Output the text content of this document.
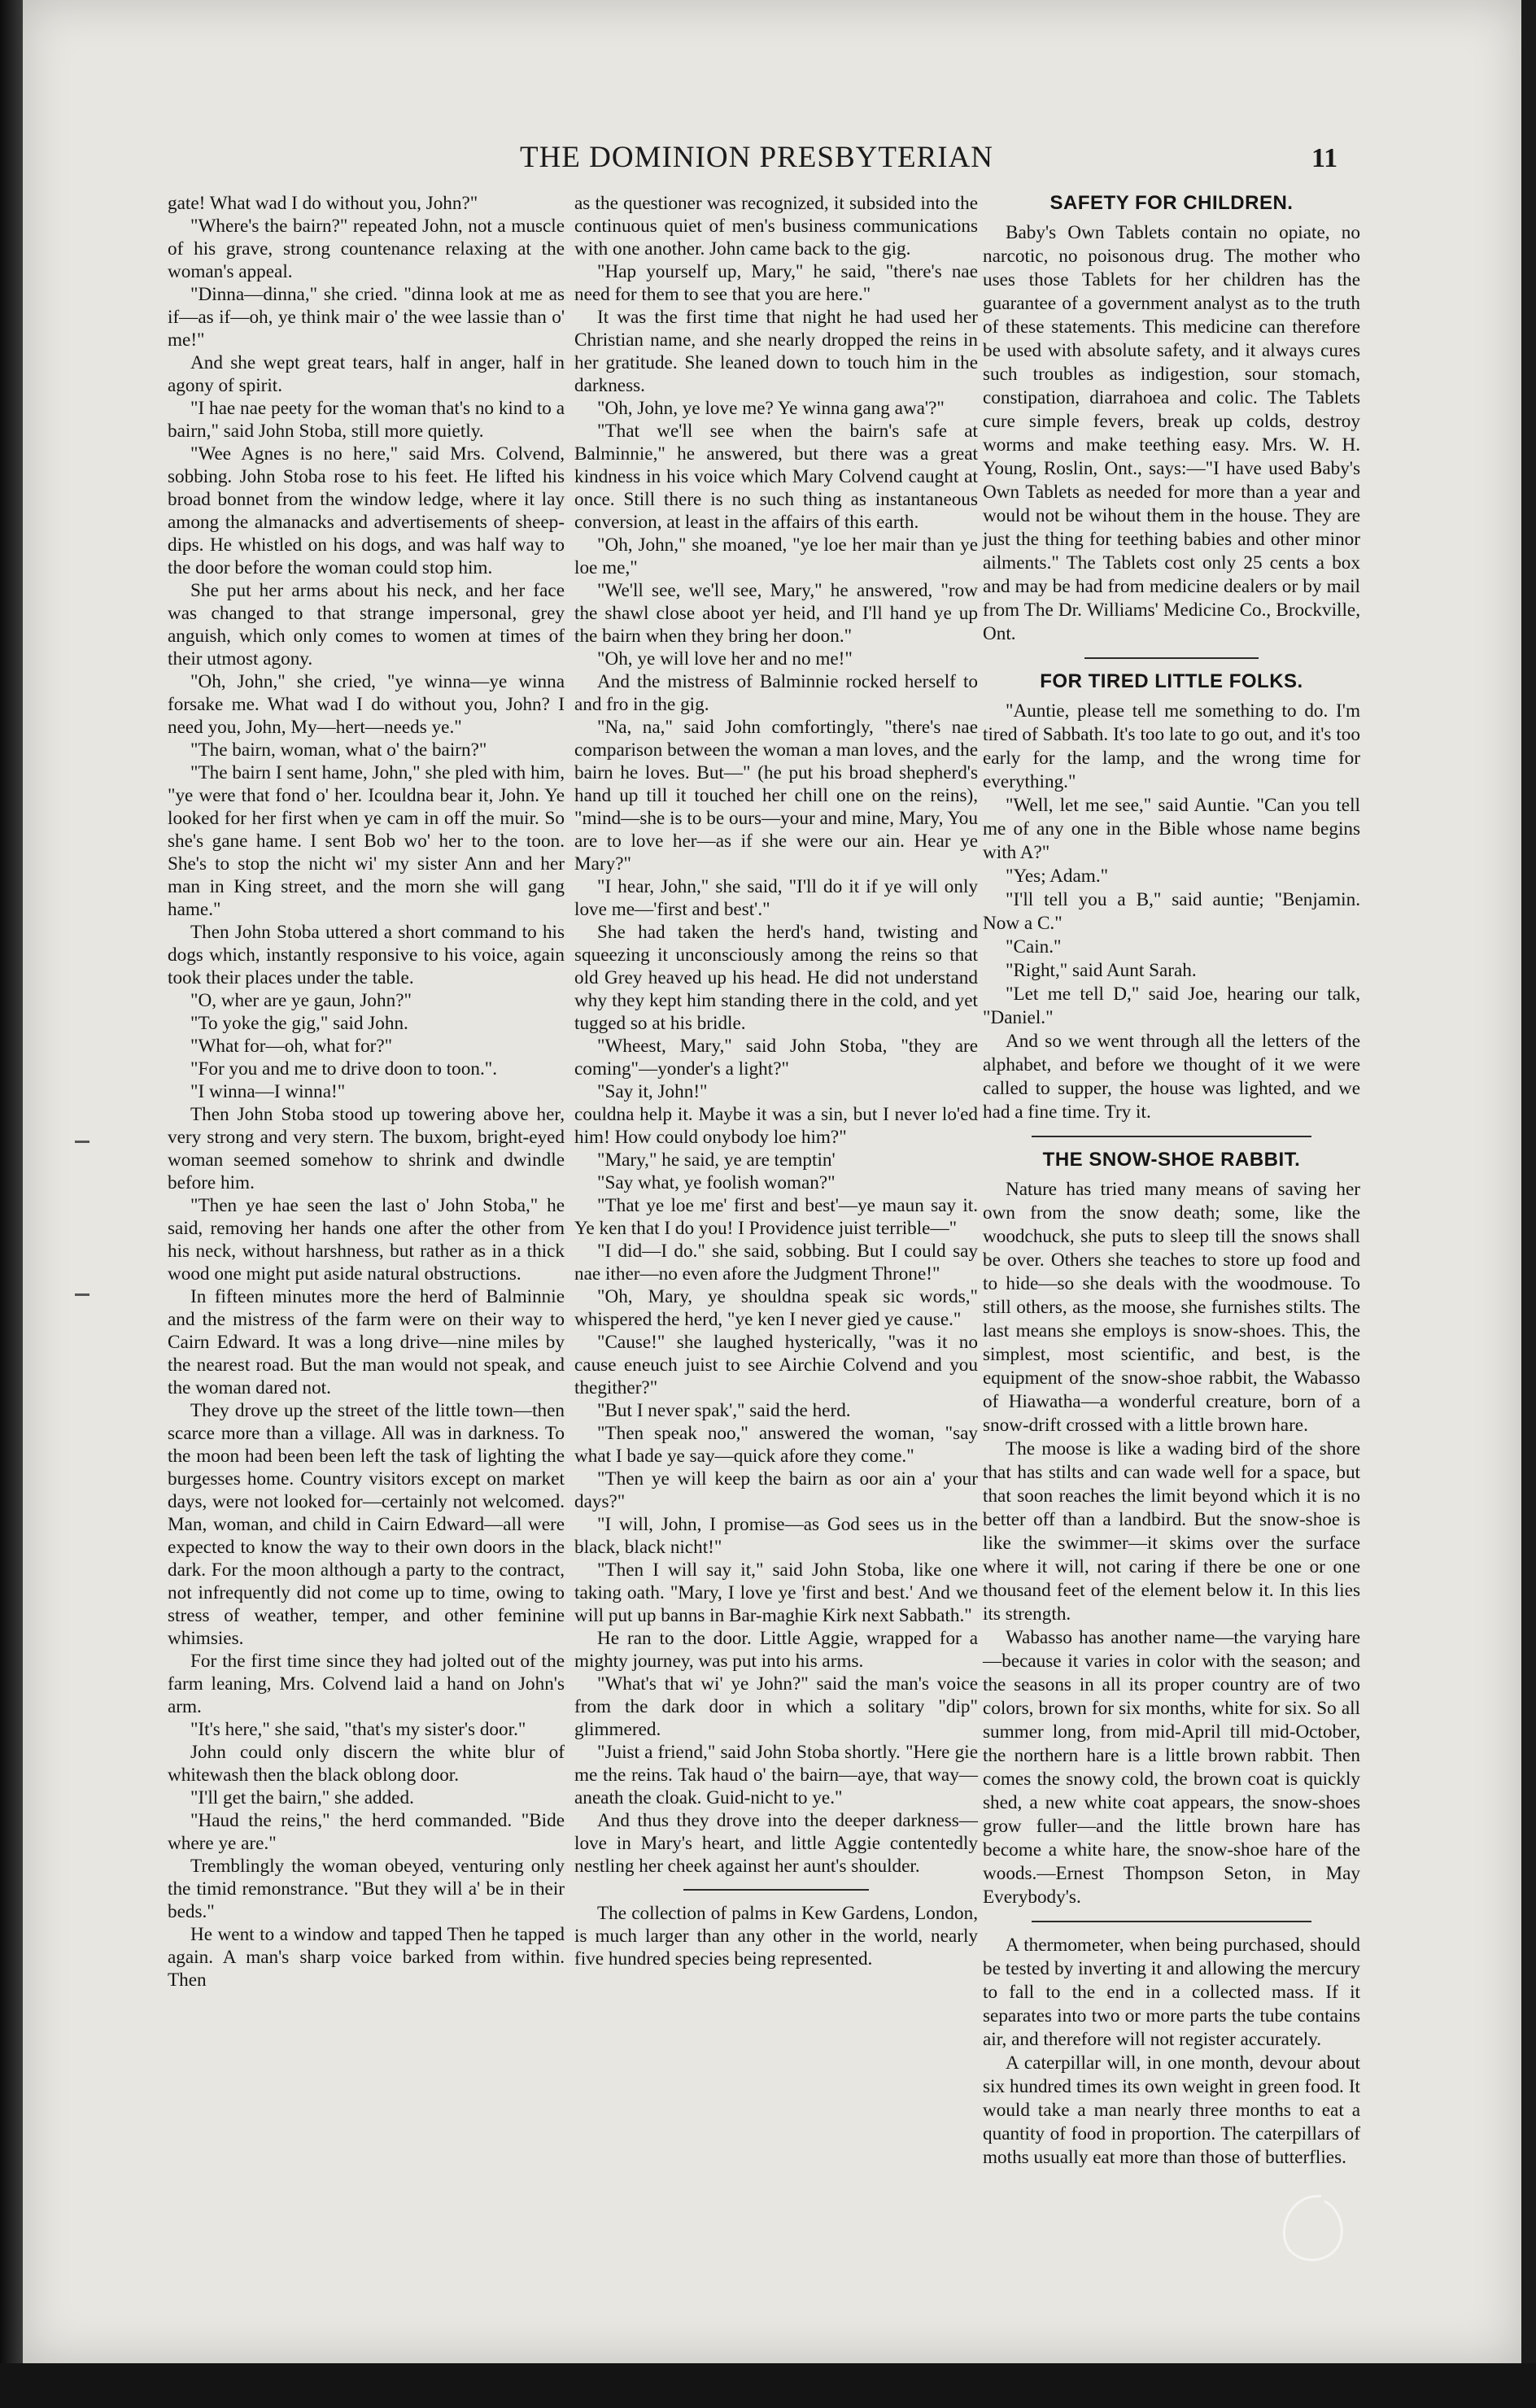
THE DOMINION PRESBYTERIAN	11

gate! What wad I do without you, John?"

"Where's the bairn?" repeated John, not a muscle of his grave, strong countenance relaxing at the woman's appeal.

"Dinna—dinna," she cried. "dinna look at me as if—as if—oh, ye think mair o' the wee lassie than o' me!"

And she wept great tears, half in anger, half in agony of spirit.

"I hae nae peety for the woman that's no kind to a bairn," said John Stoba, still more quietly.

"Wee Agnes is no here," said Mrs. Colvend, sobbing. John Stoba rose to his feet. He lifted his broad bonnet from the window ledge, where it lay among the almanacks and advertisements of sheep-dips. He whistled on his dogs, and was half way to the door before the woman could stop him.

She put her arms about his neck, and her face was changed to that strange impersonal, grey anguish, which only comes to women at times of their utmost agony.

"Oh, John," she cried, "ye winna—ye winna forsake me. What wad I do without you, John? I need you, John, My—hert—needs ye."

"The bairn, woman, what o' the bairn?"

"The bairn I sent hame, John," she pled with him, "ye were that fond o' her. Icouldna bear it, John. Ye looked for her first when ye cam in off the muir. So she's gane hame. I sent Bob wo' her to the toon. She's to stop the nicht wi' my sister Ann and her man in King street, and the morn she will gang hame."

Then John Stoba uttered a short command to his dogs which, instantly responsive to his voice, again took their places under the table.

"O, wher are ye gaun, John?"

"To yoke the gig," said John.

"What for—oh, what for?"

"For you and me to drive doon to toon.".

"I winna—I winna!"

Then John Stoba stood up towering above her, very strong and very stern. The buxom, bright-eyed woman seemed somehow to shrink and dwindle before him.

"Then ye hae seen the last o' John Stoba," he said, removing her hands one after the other from his neck, without harshness, but rather as in a thick wood one might put aside natural obstructions.

In fifteen minutes more the herd of Balminnie and the mistress of the farm were on their way to Cairn Edward. It was a long drive—nine miles by the nearest road. But the man would not speak, and the woman dared not.

They drove up the street of the little town—then scarce more than a village. All was in darkness. To the moon had been been left the task of lighting the burgesses home. Country visitors except on market days, were not looked for—certainly not welcomed. Man, woman, and child in Cairn Edward—all were expected to know the way to their own doors in the dark. For the moon although a party to the contract, not infrequently did not come up to time, owing to stress of weather, temper, and other feminine whimsies.

For the first time since they had jolted out of the farm leaning, Mrs. Colvend laid a hand on John's arm.

"It's here," she said, "that's my sister's door."

John could only discern the white blur of whitewash then the black oblong door.

"I'll get the bairn," she added.

"Haud the reins," the herd commanded. "Bide where ye are."

Tremblingly the woman obeyed, venturing only the timid remonstrance. "But they will a' be in their beds."

He went to a window and tapped Then he tapped again. A man's sharp voice barked from within. Then

as the questioner was recognized, it subsided into the continuous quiet of men's business communications with one another. John came back to the gig.

"Hap yourself up, Mary," he said, "there's nae need for them to see that you are here."

It was the first time that night he had used her Christian name, and she nearly dropped the reins in her gratitude. She leaned down to touch him in the darkness.

"Oh, John, ye love me? Ye winna gang awa'?"

"That we'll see when the bairn's safe at Balminnie," he answered, but there was a great kindness in his voice which Mary Colvend caught at once. Still there is no such thing as instantaneous conversion, at least in the affairs of this earth.

"Oh, John," she moaned, "ye loe her mair than ye loe me,"

"We'll see, we'll see, Mary," he answered, "row the shawl close aboot yer heid, and I'll hand ye up the bairn when they bring her doon."

"Oh, ye will love her and no me!"

And the mistress of Balminnie rocked herself to and fro in the gig.

"Na, na," said John comfortingly, "there's nae comparison between the woman a man loves, and the bairn he loves. But—" (he put his broad shepherd's hand up till it touched her chill one on the reins), "mind—she is to be ours—your and mine, Mary, You are to love her—as if she were our ain. Hear ye Mary?"

"I hear, John," she said, "I'll do it if ye will only love me—'first and best'."

She had taken the herd's hand, twisting and squeezing it unconsciously among the reins so that old Grey heaved up his head. He did not understand why they kept him standing there in the cold, and yet tugged so at his bridle.

"Wheest, Mary," said John Stoba, "they are coming"—yonder's a light?"

"Say it, John!"

couldna help it. Maybe it was a sin, but I never lo'ed him! How could onybody loe him?"

"Mary," he said, ye are temptin'

"Say what, ye foolish woman?"

"That ye loe me' first and best'—ye maun say it. Ye ken that I do you! I Providence juist terrible—"

"I did—I do." she said, sobbing. But I could say nae ither—no even afore the Judgment Throne!"

"Oh, Mary, ye shouldna speak sic words," whispered the herd, "ye ken I never gied ye cause."

"Cause!" she laughed hysterically, "was it no cause eneuch juist to see Airchie Colvend and you thegither?"

"But I never spak'," said the herd.

"Then speak noo," answered the woman, "say what I bade ye say—quick afore they come."

"Then ye will keep the bairn as oor ain a' your days?"

"I will, John, I promise—as God sees us in the black, black nicht!"

"Then I will say it," said John Stoba, like one taking oath. "Mary, I love ye 'first and best.' And we will put up banns in Bar-maghie Kirk next Sabbath."

He ran to the door. Little Aggie, wrapped for a mighty journey, was put into his arms.

"What's that wi' ye John?" said the man's voice from the dark door in which a solitary "dip" glimmered.

"Juist a friend," said John Stoba shortly. "Here gie me the reins. Tak haud o' the bairn—aye, that way—aneath the cloak. Guid-nicht to ye."

And thus they drove into the deeper darkness—love in Mary's heart, and little Aggie contentedly nestling her cheek against her aunt's shoulder.

The collection of palms in Kew Gardens, London, is much larger than any other in the world, nearly five hundred species being represented.

SAFETY FOR CHILDREN.

Baby's Own Tablets contain no opiate, no narcotic, no poisonous drug. The mother who uses those Tablets for her children has the guarantee of a government analyst as to the truth of these statements. This medicine can therefore be used with absolute safety, and it always cures such troubles as indigestion, sour stomach, constipation, diarrahoea and colic. The Tablets cure simple fevers, break up colds, destroy worms and make teething easy. Mrs. W. H. Young, Roslin, Ont., says:—"I have used Baby's Own Tablets as needed for more than a year and would not be wihout them in the house. They are just the thing for teething babies and other minor ailments." The Tablets cost only 25 cents a box and may be had from medicine dealers or by mail from The Dr. Williams' Medicine Co., Brockville, Ont.

FOR TIRED LITTLE FOLKS.

"Auntie, please tell me something to do. I'm tired of Sabbath. It's too late to go out, and it's too early for the lamp, and the wrong time for everything."

"Well, let me see," said Auntie. "Can you tell me of any one in the Bible whose name begins with A?"

"Yes; Adam."

"I'll tell you a B," said auntie; "Benjamin. Now a C."

"Cain."

"Right," said Aunt Sarah.

"Let me tell D," said Joe, hearing our talk, "Daniel."

And so we went through all the letters of the alphabet, and before we thought of it we were called to supper, the house was lighted, and we had a fine time. Try it.

THE SNOW-SHOE RABBIT.

Nature has tried many means of saving her own from the snow death; some, like the woodchuck, she puts to sleep till the snows shall be over. Others she teaches to store up food and to hide—so she deals with the woodmouse. To still others, as the moose, she furnishes stilts. The last means she employs is snow-shoes. This, the simplest, most scientific, and best, is the equipment of the snow-shoe rabbit, the Wabasso of Hiawatha—a wonderful creature, born of a snow-drift crossed with a little brown hare.

The moose is like a wading bird of the shore that has stilts and can wade well for a space, but that soon reaches the limit beyond which it is no better off than a landbird. But the snow-shoe is like the swimmer—it skims over the surface where it will, not caring if there be one or one thousand feet of the element below it. In this lies its strength.

Wabasso has another name—the varying hare—because it varies in color with the season; and the seasons in all its proper country are of two colors, brown for six months, white for six. So all summer long, from mid-April till mid-October, the northern hare is a little brown rabbit. Then comes the snowy cold, the brown coat is quickly shed, a new white coat appears, the snow-shoes grow fuller—and the little brown hare has become a white hare, the snow-shoe hare of the woods.—Ernest Thompson Seton, in May Everybody's.

A thermometer, when being purchased, should be tested by inverting it and allowing the mercury to fall to the end in a collected mass. If it separates into two or more parts the tube contains air, and therefore will not register accurately.

A caterpillar will, in one month, devour about six hundred times its own weight in green food. It would take a man nearly three months to eat a quantity of food in proportion. The caterpillars of moths usually eat more than those of butterflies.
